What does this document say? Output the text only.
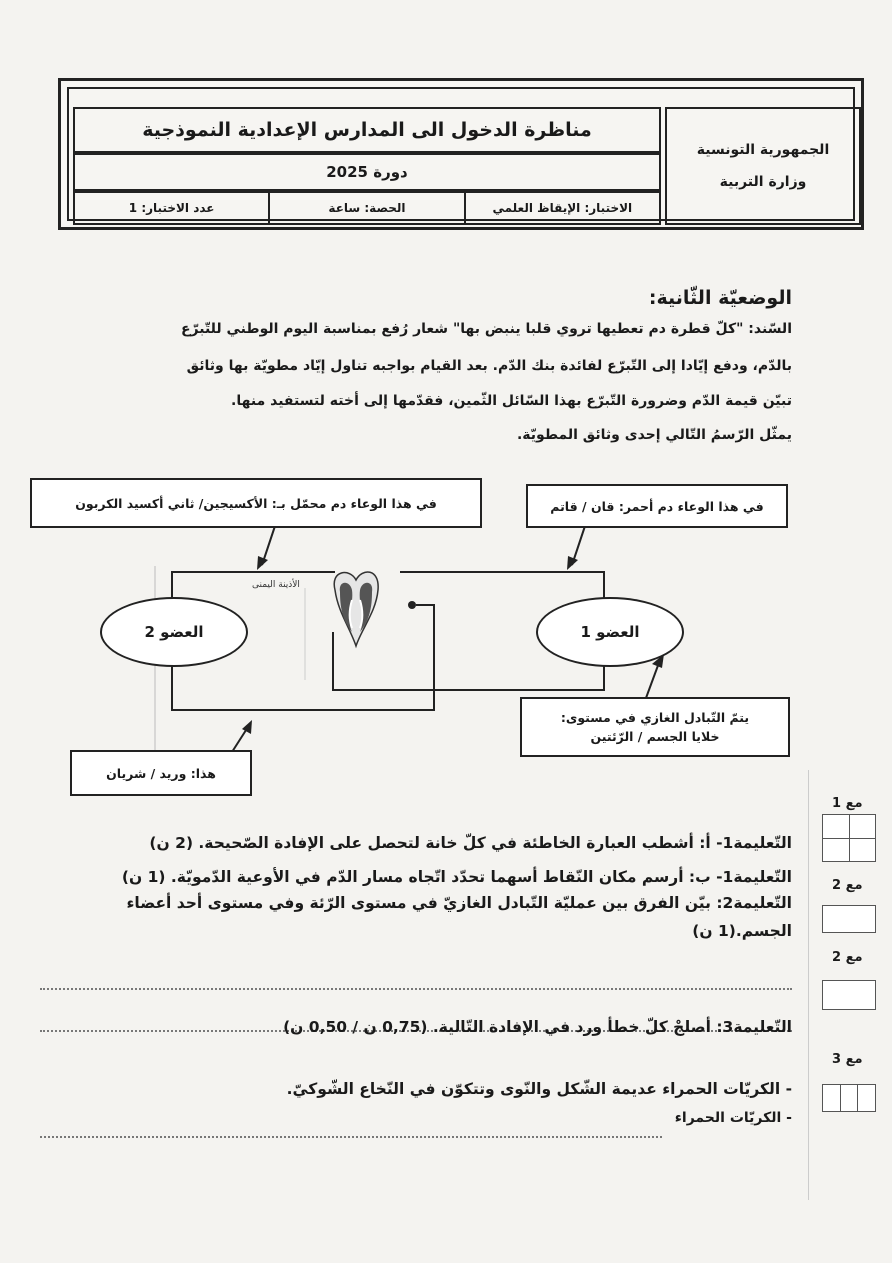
مناظرة الدخول الى المدارس الإعدادية النموذجية
دورة 2025
عدد الاختبار: 1	الحصة: ساعة	الاختبار: الإيقاظ العلمي
الجمهورية التونسية
وزارة التربية
الوضعيّة الثّانية:
السّند: "كلّ قطرة دم تعطيها تروي قلبا ينبض بها" شعار رُفع بمناسبة اليوم الوطني للتّبرّع
بالدّم، ودفع إيّادا إلى التّبرّع لفائدة بنك الدّم. بعد القيام بواجبه تناول إيّاد مطويّة بها وثائق
تبيّن قيمة الدّم وضرورة التّبرّع بهذا السّائل الثّمين، فقدّمها إلى أخته لتستفيد منها.
يمثّل الرّسمُ التّالي إحدى وثائق المطويّة.
في هذا الوعاء دم محمّل بـ: الأكسيجين/ ثاني أكسيد الكربون	في هذا الوعاء دم أحمر: قان / قاتم
العضو 2	العضو 1
الأذينة اليمنى
هذا: وريد / شريان
يتمّ التّبادل الغازي في مستوى:
خلايا الجسم / الرّئتين
التّعليمة1- أ: أشطب العبارة الخاطئة في كلّ خانة لتحصل على الإفادة الصّحيحة. (2 ن)
التّعليمة1- ب: أرسم مكان النّقاط أسهما تحدّد اتّجاه مسار الدّم في الأوعية الدّمويّة. (1 ن)
التّعليمة2: بيّن الفرق بين عمليّة التّبادل الغازيّ في مستوى الرّئة وفي مستوى أحد أعضاء
الجسم.(1 ن)
التّعليمة3: أصلحْ كلّ خطأ ورد في الإفادة التّالية. (0,75 ن / 0,50 ن)
- الكريّات الحمراء عديمة الشّكل والنّوى وتتكوّن في النّخاع الشّوكيّ.
- الكريّات الحمراء
مع 1
مع 2
مع 2
مع 3
